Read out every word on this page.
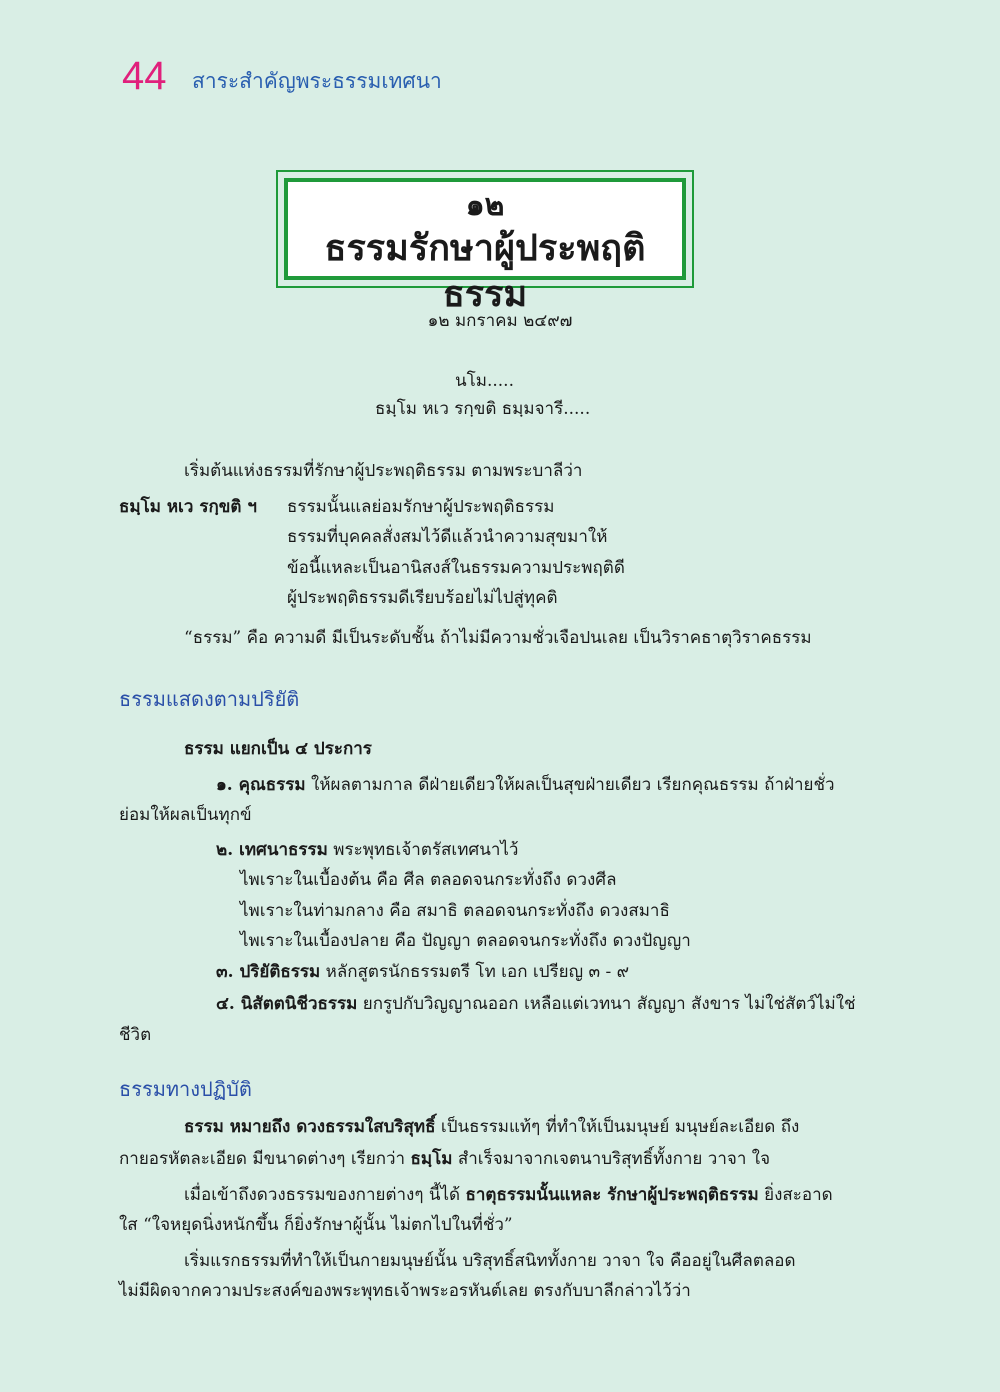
44 สาระสำคัญพระธรรมเทศนา
๑๒
ธรรมรักษาผู้ประพฤติธรรม
๑๒ มกราคม ๒๔๙๗
นโม.....
ธมฺโม หเว รกฺขติ ธมฺมจารี.....
เริ่มต้นแห่งธรรมที่รักษาผู้ประพฤติธรรม ตามพระบาลีว่า
ธมฺโม หเว รกฺขติ ฯ ธรรมนั้นแลย่อมรักษาผู้ประพฤติธรรม
ธรรมที่บุคคลสั่งสมไว้ดีแล้วนำความสุขมาให้
ข้อนี้แหละเป็นอานิสงส์ในธรรมความประพฤติดี
ผู้ประพฤติธรรมดีเรียบร้อยไม่ไปสู่ทุคติ
“ธรรม” คือ ความดี มีเป็นระดับชั้น ถ้าไม่มีความชั่วเจือปนเลย เป็นวิราคธาตุวิราคธรรม
ธรรมแสดงตามปริยัติ
ธรรม แยกเป็น ๔ ประการ
๑. คุณธรรม ให้ผลตามกาล ดีฝ่ายเดียวให้ผลเป็นสุขฝ่ายเดียว เรียกคุณธรรม ถ้าฝ่ายชั่ว
ย่อมให้ผลเป็นทุกข์
๒. เทศนาธรรม พระพุทธเจ้าตรัสเทศนาไว้
ไพเราะในเบื้องต้น คือ ศีล ตลอดจนกระทั่งถึง ดวงศีล
ไพเราะในท่ามกลาง คือ สมาธิ ตลอดจนกระทั่งถึง ดวงสมาธิ
ไพเราะในเบื้องปลาย คือ ปัญญา ตลอดจนกระทั่งถึง ดวงปัญญา
๓. ปริยัติธรรม หลักสูตรนักธรรมตรี โท เอก เปรียญ ๓ - ๙
๔. นิสัตตนิชีวธรรม ยกรูปกับวิญญาณออก เหลือแต่เวทนา สัญญา สังขาร ไม่ใช่สัตว์ไม่ใช่
ชีวิต
ธรรมทางปฏิบัติ
ธรรม หมายถึง ดวงธรรมใสบริสุทธิ์ เป็นธรรมแท้ๆ ที่ทำให้เป็นมนุษย์ มนุษย์ละเอียด ถึง
กายอรหัตละเอียด มีขนาดต่างๆ เรียกว่า ธมฺโม สำเร็จมาจากเจตนาบริสุทธิ์ทั้งกาย วาจา ใจ
เมื่อเข้าถึงดวงธรรมของกายต่างๆ นี้ได้ ธาตุธรรมนั้นแหละ รักษาผู้ประพฤติธรรม ยิ่งสะอาด
ใส “ใจหยุดนิ่งหนักขึ้น ก็ยิ่งรักษาผู้นั้น ไม่ตกไปในที่ชั่ว”
เริ่มแรกธรรมที่ทำให้เป็นกายมนุษย์นั้น บริสุทธิ์สนิททั้งกาย วาจา ใจ คืออยู่ในศีลตลอด
ไม่มีผิดจากความประสงค์ของพระพุทธเจ้าพระอรหันต์เลย ตรงกับบาลีกล่าวไว้ว่า
